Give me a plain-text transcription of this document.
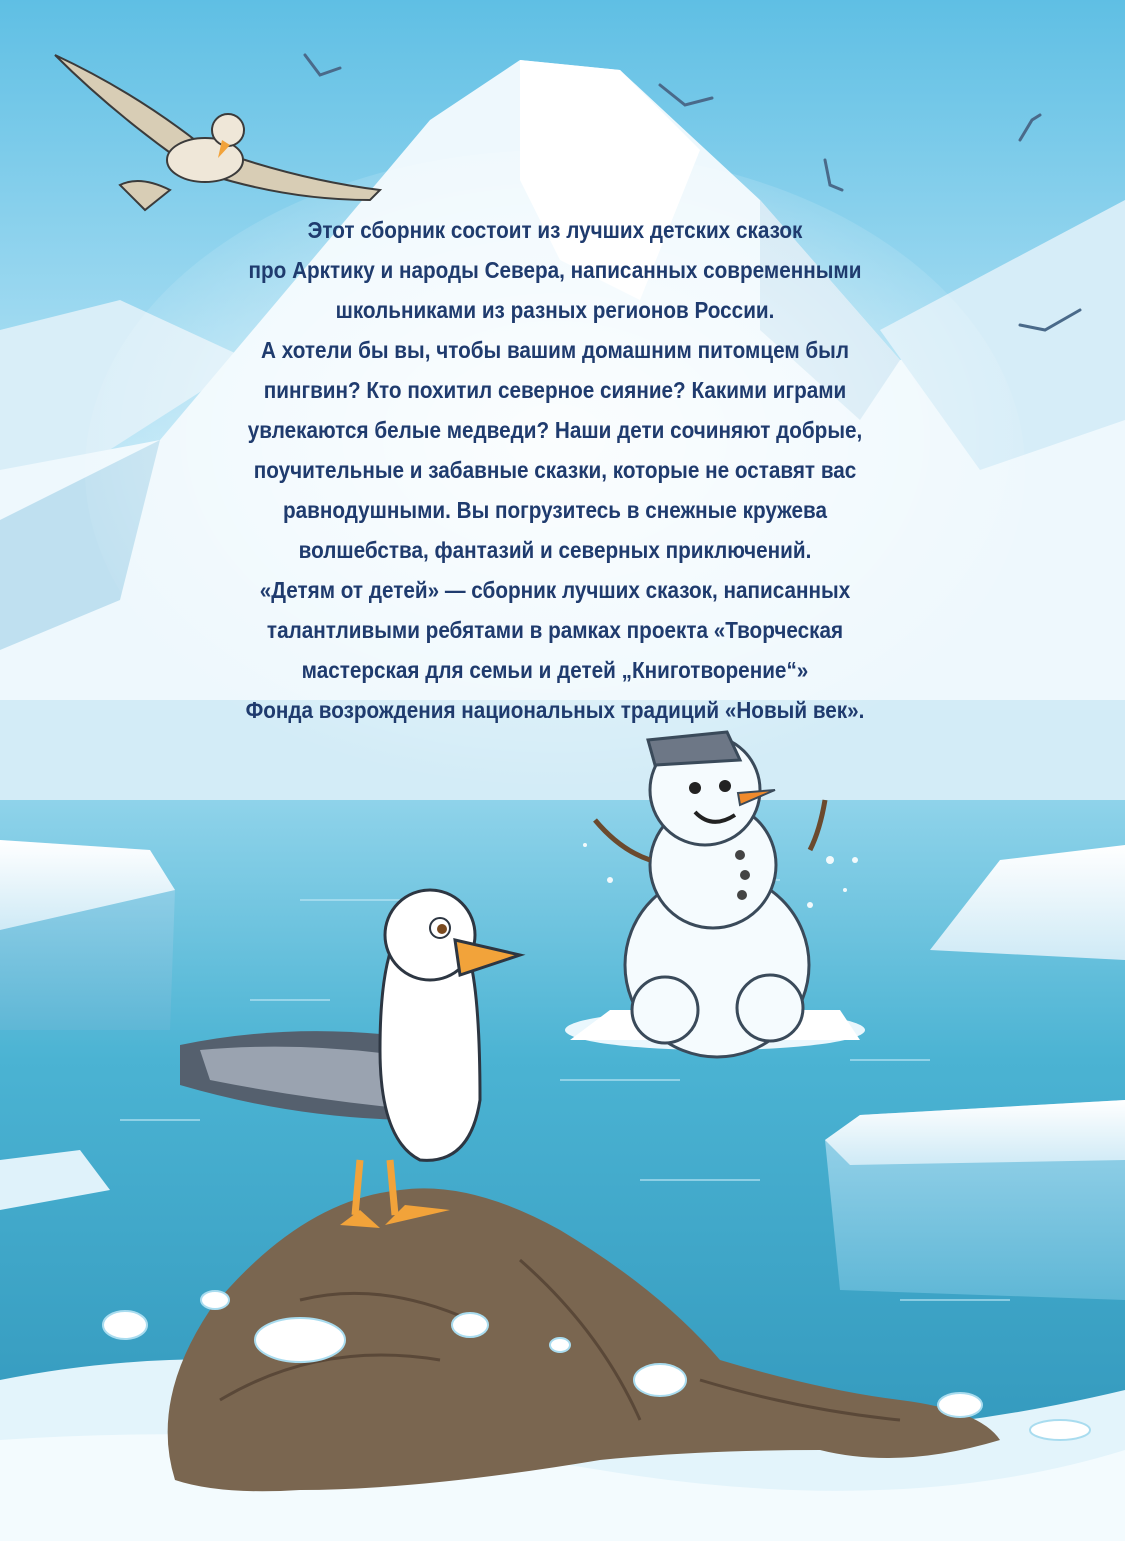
Этот сборник состоит из лучших детских сказок
про Арктику и народы Севера, написанных современными
школьниками из разных регионов России.
А хотели бы вы, чтобы вашим домашним питомцем был
пингвин? Кто похитил северное сияние? Какими играми
увлекаются белые медведи? Наши дети сочиняют добрые,
поучительные и забавные сказки, которые не оставят вас
равнодушными. Вы погрузитесь в снежные кружева
волшебства, фантазий и северных приключений.
«Детям от детей» — сборник лучших сказок, написанных
талантливыми ребятами в рамках проекта «Творческая
мастерская для семьи и детей „Книготворение“»
Фонда возрождения национальных традиций «Новый век».
